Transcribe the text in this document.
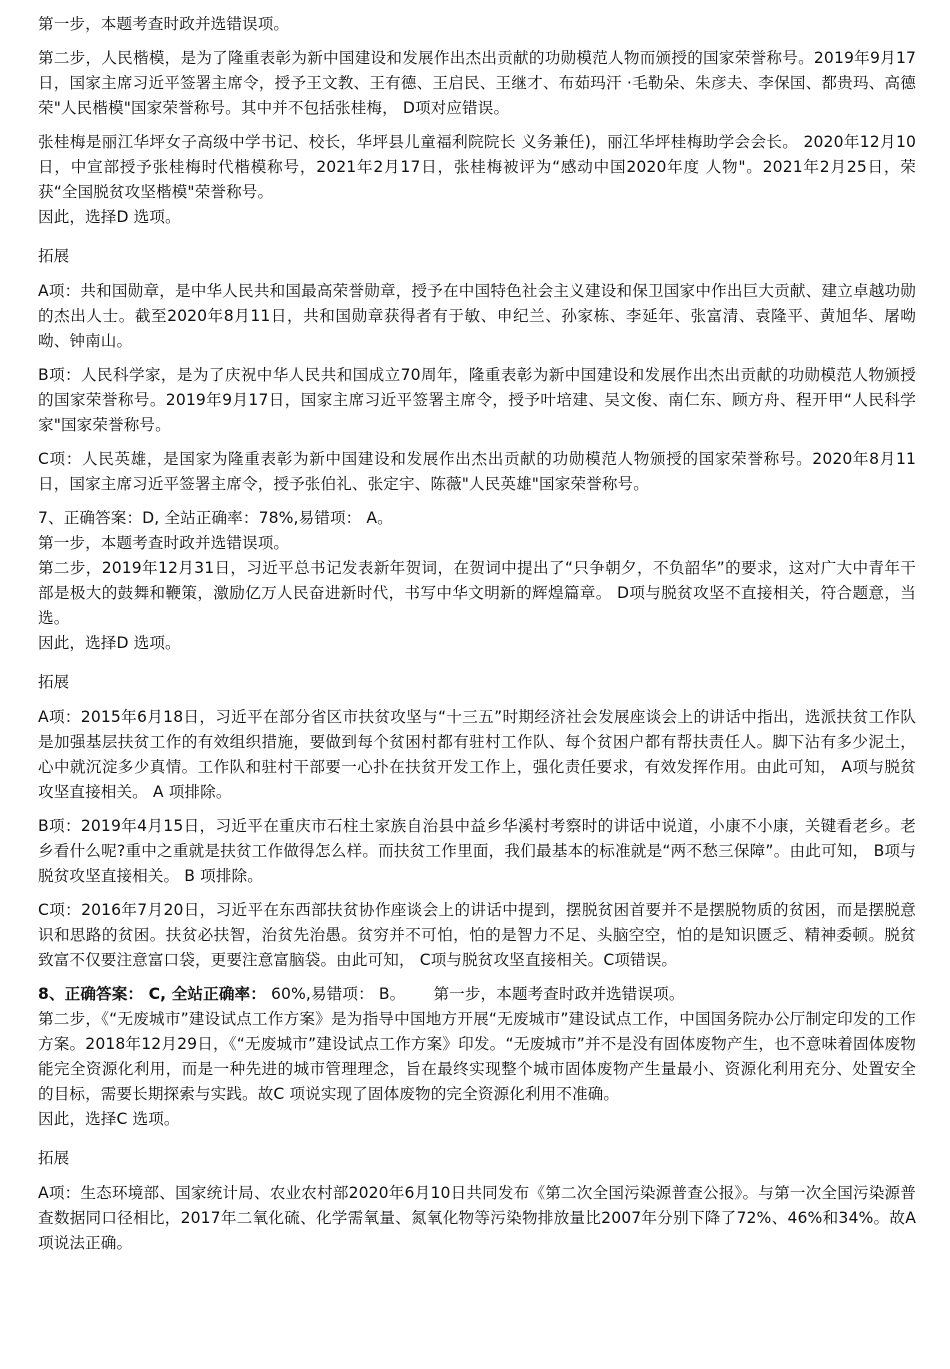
第一步，本题考查时政并选错误项。

第二步，人民楷模，是为了隆重表彰为新中国建设和发展作出杰出贡献的功勋模范人物而颁授的国家荣誉称号。2019年9月17日，国家主席习近平签署主席令，授予王文教、王有德、王启民、王继才、布茹玛汗 ·毛勒朵、朱彦夫、李保国、都贵玛、高德荣"人民楷模"国家荣誉称号。其中并不包括张桂梅， D项对应错误。

张桂梅是丽江华坪女子高级中学书记、校长，华坪县儿童福利院院长 义务兼任)，丽江华坪桂梅助学会会长。 2020年12月10日，中宣部授予张桂梅时代楷模称号，2021年2月17日，张桂梅被评为“感动中国2020年度 人物"。2021年2月25日，荣获“全国脱贫攻坚楷模"荣誉称号。

因此，选择D 选项。

拓展

A项：共和国勋章，是中华人民共和国最高荣誉勋章，授予在中国特色社会主义建设和保卫国家中作出巨大贡献、建立卓越功勋的杰出人士。截至2020年8月11日，共和国勋章获得者有于敏、申纪兰、孙家栋、李延年、张富清、袁隆平、黄旭华、屠呦呦、钟南山。

B项：人民科学家，是为了庆祝中华人民共和国成立70周年，隆重表彰为新中国建设和发展作出杰出贡献的功勋模范人物颁授的国家荣誉称号。2019年9月17日，国家主席习近平签署主席令，授予叶培建、吴文俊、南仁东、顾方舟、程开甲“人民科学家"国家荣誉称号。

C项：人民英雄，是国家为隆重表彰为新中国建设和发展作出杰出贡献的功勋模范人物颁授的国家荣誉称号。2020年8月11日，国家主席习近平签署主席令，授予张伯礼、张定宇、陈薇"人民英雄"国家荣誉称号。

7、正确答案：D, 全站正确率：78%,易错项： A。

第一步，本题考查时政并选错误项。

第二步，2019年12月31日，习近平总书记发表新年贺词，在贺词中提出了“只争朝夕，不负韶华”的要求，这对广大中青年干部是极大的鼓舞和鞭策，激励亿万人民奋进新时代，书写中华文明新的辉煌篇章。 D项与脱贫攻坚不直接相关，符合题意，当选。

因此，选择D 选项。

拓展

A项：2015年6月18日，习近平在部分省区市扶贫攻坚与“十三五”时期经济社会发展座谈会上的讲话中指出，选派扶贫工作队是加强基层扶贫工作的有效组织措施，要做到每个贫困村都有驻村工作队、每个贫困户都有帮扶责任人。脚下沾有多少泥土，心中就沉淀多少真情。工作队和驻村干部要一心扑在扶贫开发工作上，强化责任要求，有效发挥作用。由此可知， A项与脱贫攻坚直接相关。 A 项排除。

B项：2019年4月15日，习近平在重庆市石柱土家族自治县中益乡华溪村考察时的讲话中说道，小康不小康，关键看老乡。老乡看什么呢?重中之重就是扶贫工作做得怎么样。而扶贫工作里面，我们最基本的标准就是“两不愁三保障”。由此可知， B项与脱贫攻坚直接相关。 B 项排除。

C项：2016年7月20日，习近平在东西部扶贫协作座谈会上的讲话中提到，摆脱贫困首要并不是摆脱物质的贫困，而是摆脱意识和思路的贫困。扶贫必扶智，治贫先治愚。贫穷并不可怕，怕的是智力不足、头脑空空，怕的是知识匮乏、精神委顿。脱贫致富不仅要注意富口袋，更要注意富脑袋。由此可知， C项与脱贫攻坚直接相关。C项错误。

8、正确答案： C, 全站正确率： 60%,易错项： B。 第一步，本题考查时政并选错误项。

第二步，《“无废城市”建设试点工作方案》是为指导中国地方开展“无废城市”建设试点工作，中国国务院办公厅制定印发的工作方案。2018年12月29日，《“无废城市”建设试点工作方案》印发。“无废城市”并不是没有固体废物产生，也不意味着固体废物能完全资源化利用，而是一种先进的城市管理理念，旨在最终实现整个城市固体废物产生量最小、资源化利用充分、处置安全的目标，需要长期探索与实践。故C 项说实现了固体废物的完全资源化利用不准确。

因此，选择C 选项。

拓展

A项：生态环境部、国家统计局、农业农村部2020年6月10日共同发布《第二次全国污染源普查公报》。与第一次全国污染源普查数据同口径相比，2017年二氧化硫、化学需氧量、氮氧化物等污染物排放量比2007年分别下降了72%、46%和34%。故A 项说法正确。
